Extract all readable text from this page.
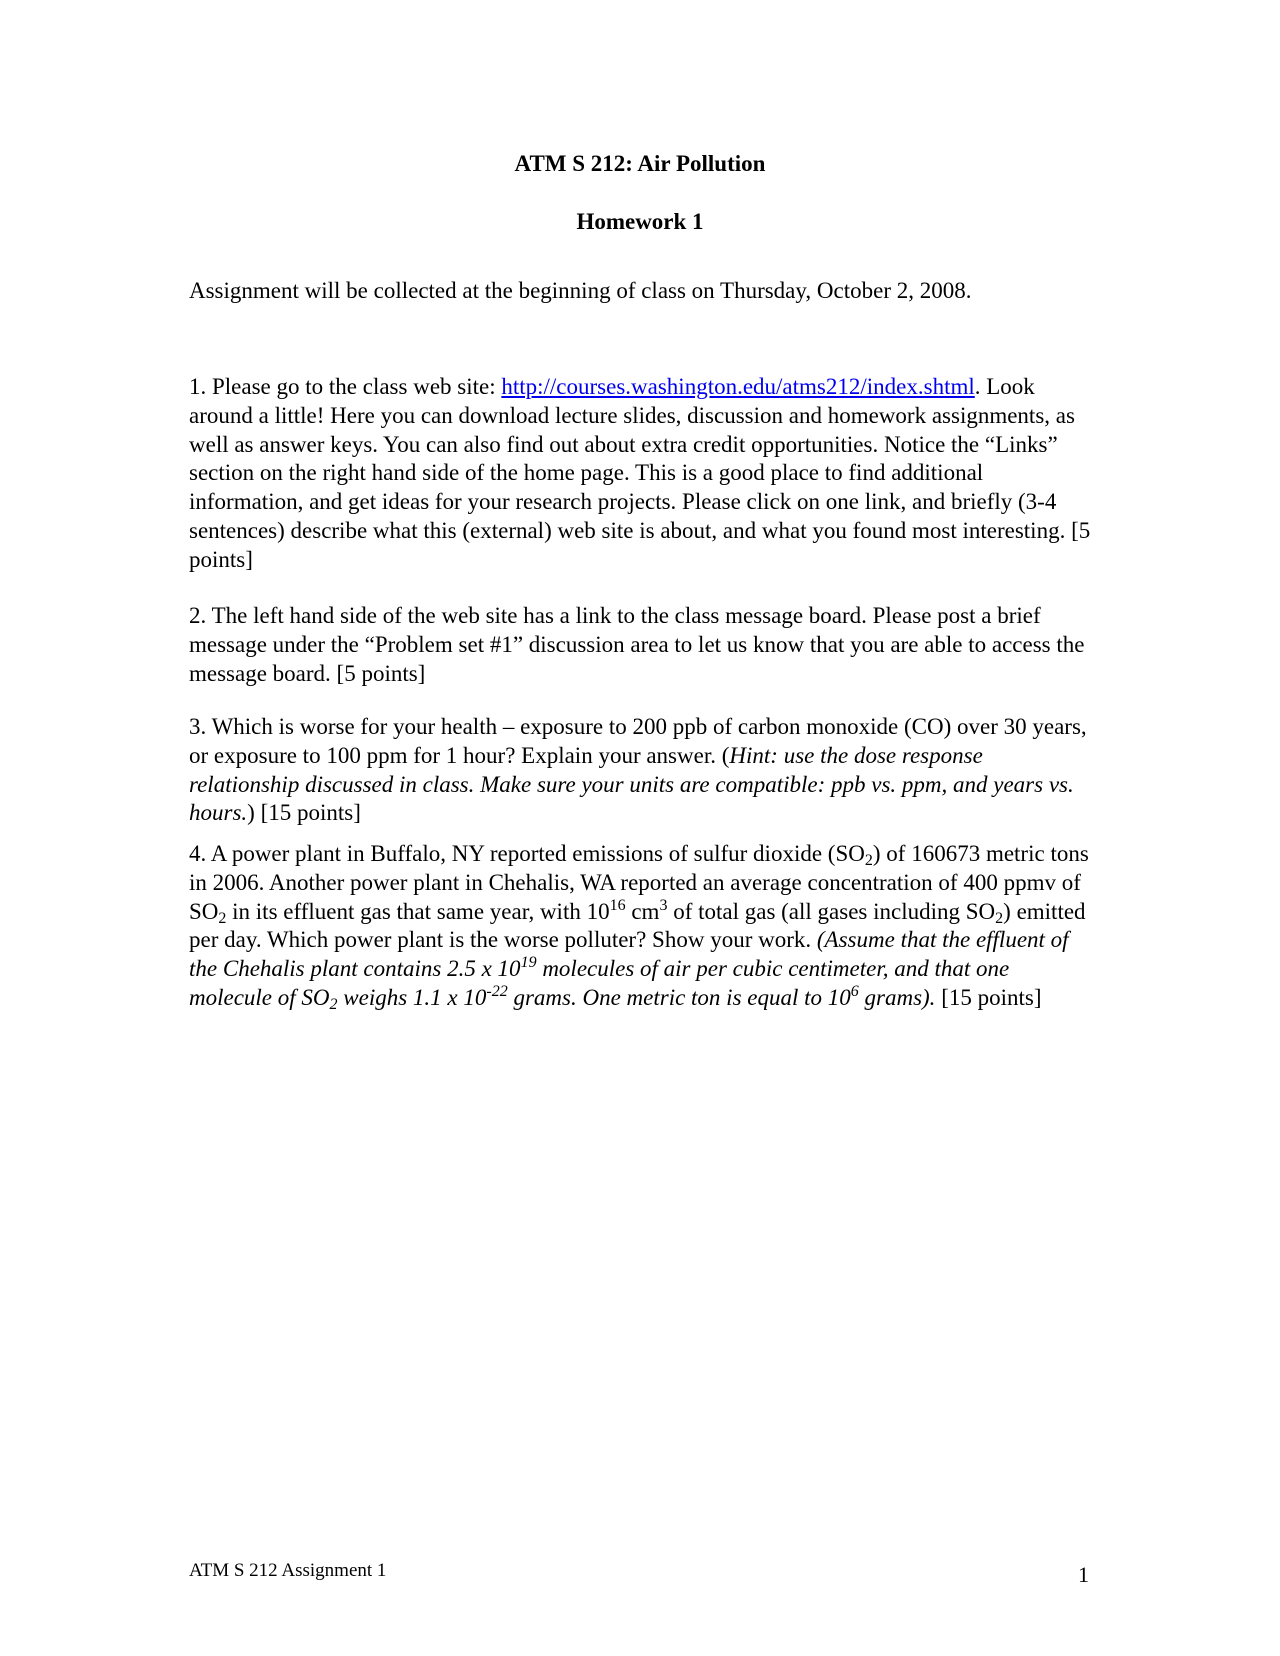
ATM S 212: Air Pollution
Homework 1
Assignment will be collected at the beginning of class on Thursday, October 2, 2008.
1. Please go to the class web site: http://courses.washington.edu/atms212/index.shtml. Look around a little! Here you can download lecture slides, discussion and homework assignments, as well as answer keys. You can also find out about extra credit opportunities. Notice the “Links” section on the right hand side of the home page. This is a good place to find additional information, and get ideas for your research projects. Please click on one link, and briefly (3-4 sentences) describe what this (external) web site is about, and what you found most interesting. [5 points]
2. The left hand side of the web site has a link to the class message board. Please post a brief message under the “Problem set #1” discussion area to let us know that you are able to access the message board. [5 points]
3. Which is worse for your health – exposure to 200 ppb of carbon monoxide (CO) over 30 years, or exposure to 100 ppm for 1 hour? Explain your answer. (Hint: use the dose response relationship discussed in class. Make sure your units are compatible: ppb vs. ppm, and years vs. hours.) [15 points]
4. A power plant in Buffalo, NY reported emissions of sulfur dioxide $(SO_2)$ of 160673 metric tons in 2006. Another power plant in Chehalis, WA reported an average concentration of 400 ppmv of $SO_2$ in its effluent gas that same year, with $10^{16}$ $cm^3$ of total gas (all gases including $SO_2$) emitted per day. Which power plant is the worse polluter? Show your work. (Assume that the effluent of the Chehalis plant contains 2.5 x $10^{19}$ molecules of air per cubic centimeter, and that one molecule of $SO_2$ weighs 1.1 x $10^{-22}$ grams. One metric ton is equal to $10^6$ grams). [15 points]
ATM S 212 Assignment 1	1
